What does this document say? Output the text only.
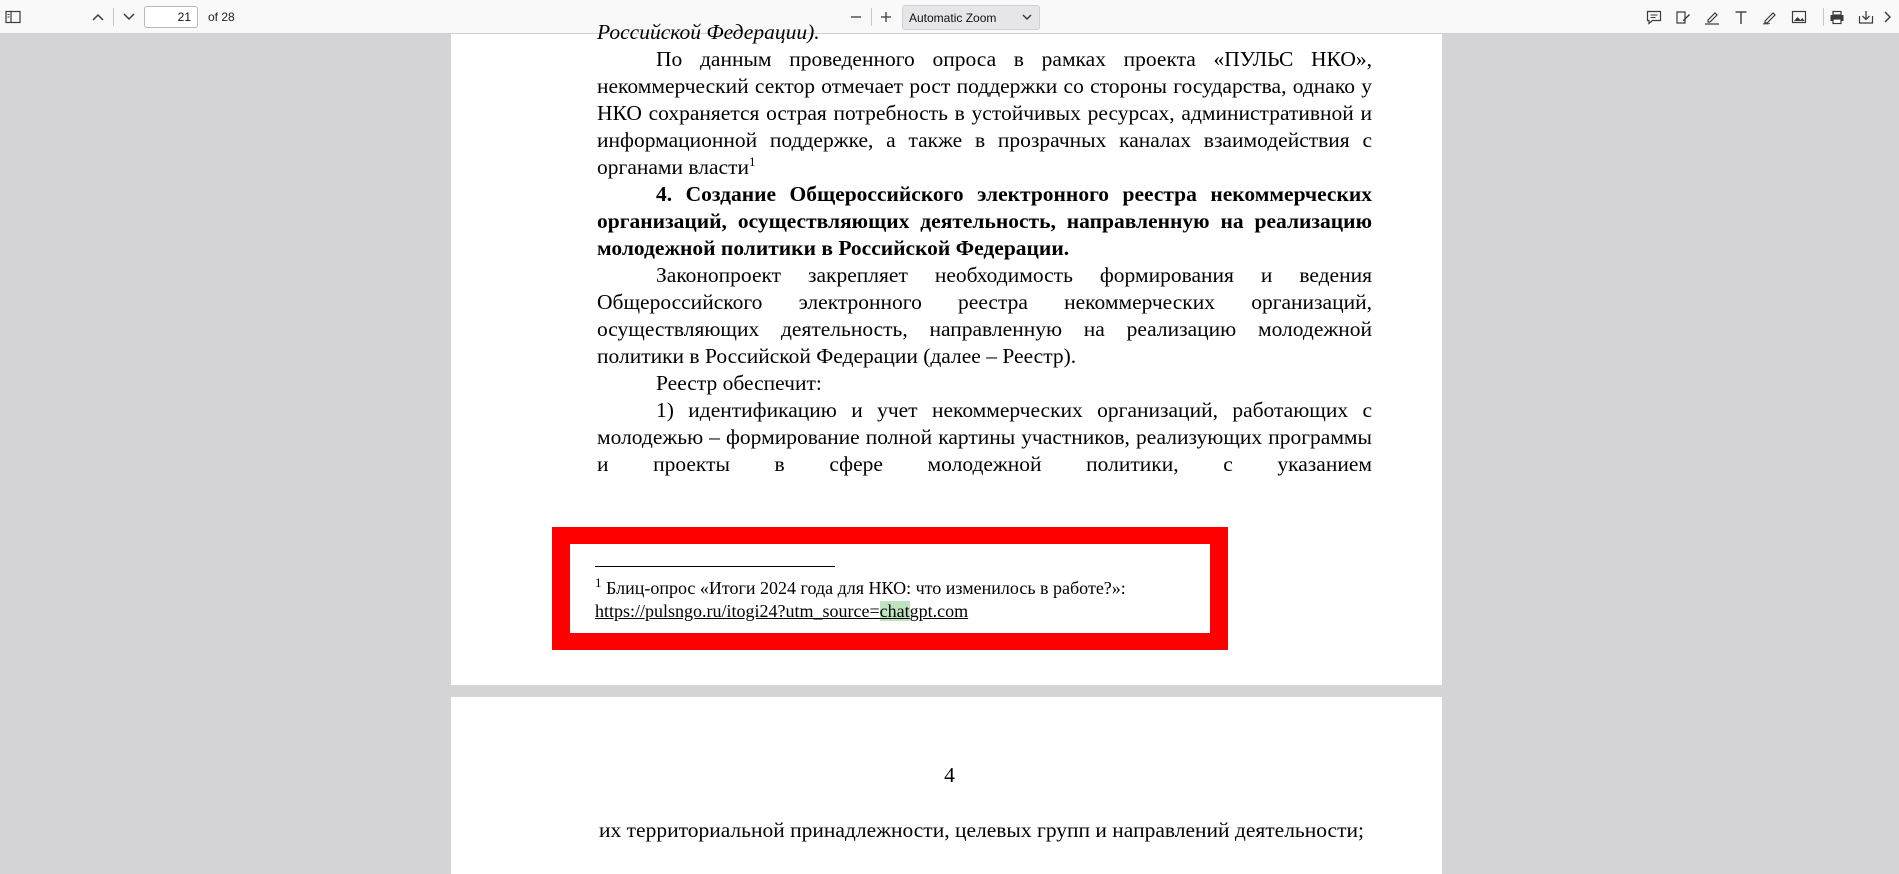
21
of 28	Automatic Zoom

Российской Федерации).

По данным проведенного опроса в рамках проекта «ПУЛЬС НКО», некоммерческий сектор отмечает рост поддержки со стороны государства, однако у НКО сохраняется острая потребность в устойчивых ресурсах, административной и информационной поддержке, а также в прозрачных каналах взаимодействия с органами власти$^1$

4. Создание Общероссийского электронного реестра некоммерческих организаций, осуществляющих деятельность, направленную на реализацию молодежной политики в Российской Федерации.

Законопроект закрепляет необходимость формирования и ведения Общероссийского электронного реестра некоммерческих организаций, осуществляющих деятельность, направленную на реализацию молодежной политики в Российской Федерации (далее – Реестр).

Реестр обеспечит:

1) идентификацию и учет некоммерческих организаций, работающих с молодежью – формирование полной картины участников, реализующих программы и проекты в сфере молодежной политики, с указанием

$^1$ Блиц-опрос «Итоги 2024 года для НКО: что изменилось в работе?»:
https://pulsngo.ru/itogi24?utm_source=chatgpt.com
4

их территориальной принадлежности, целевых групп и направлений деятельности;
